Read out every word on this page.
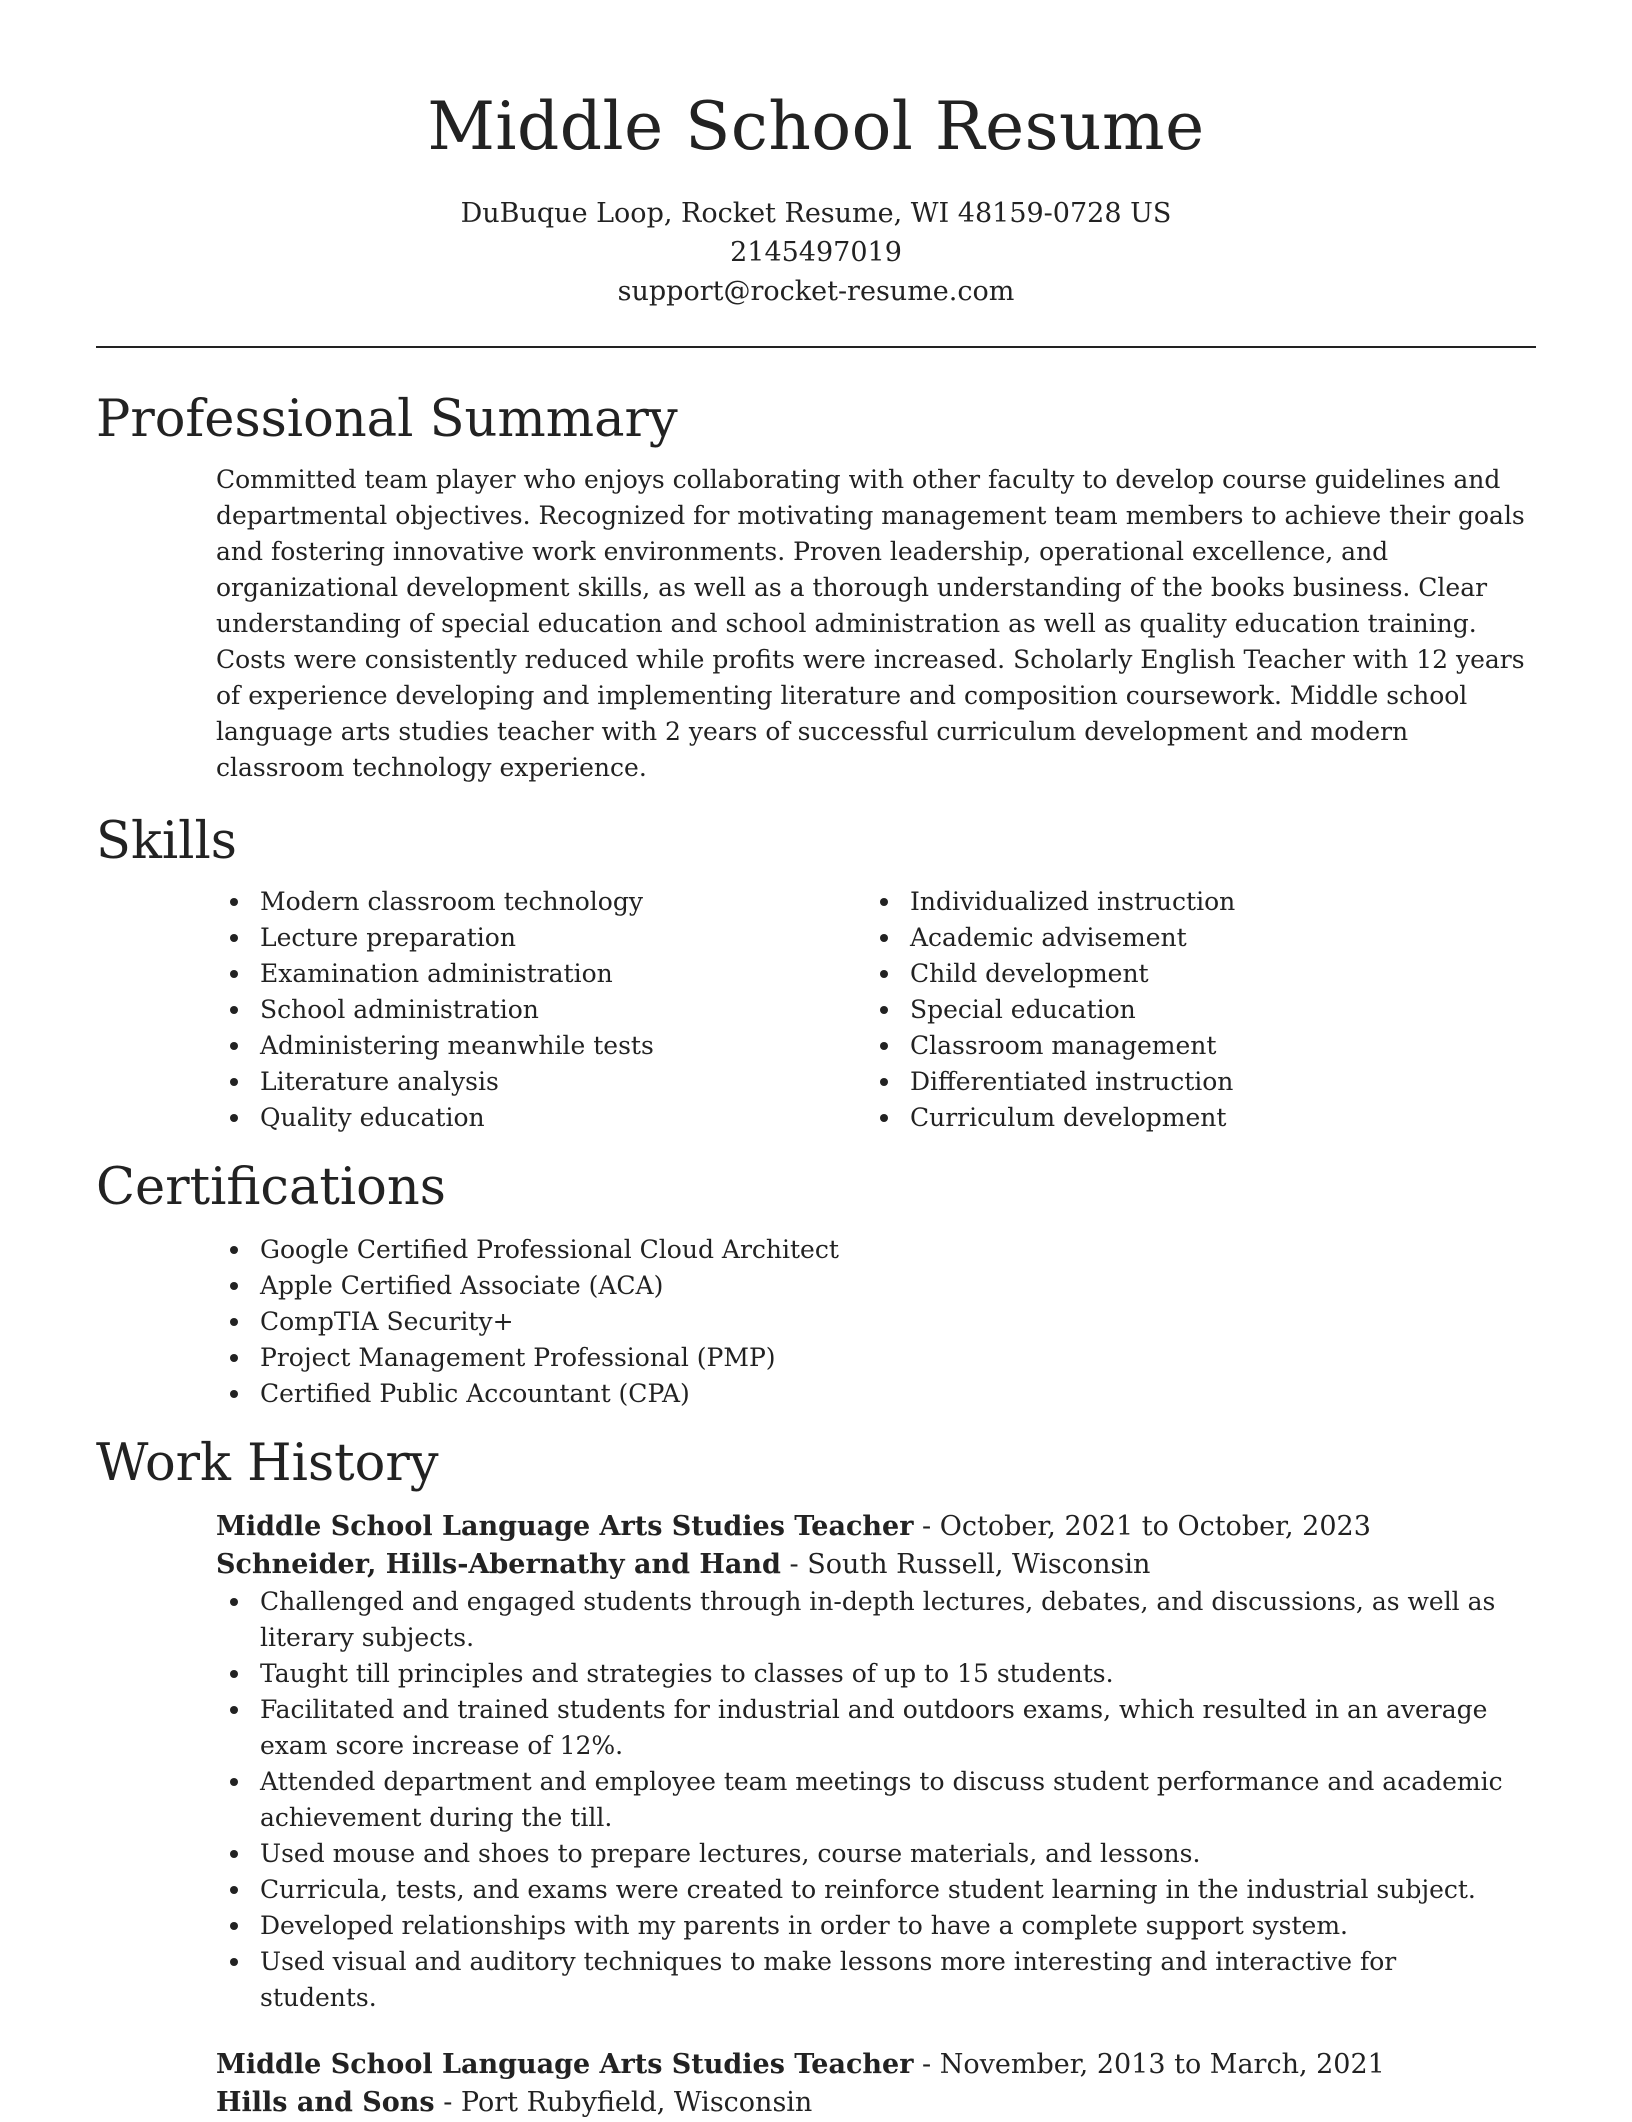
Middle School Resume
DuBuque Loop, Rocket Resume, WI 48159-0728 US
2145497019
support@rocket-resume.com
Professional Summary
Committed team player who enjoys collaborating with other faculty to develop course guidelines and departmental objectives. Recognized for motivating management team members to achieve their goals and fostering innovative work environments. Proven leadership, operational excellence, and organizational development skills, as well as a thorough understanding of the books business. Clear understanding of special education and school administration as well as quality education training. Costs were consistently reduced while profits were increased. Scholarly English Teacher with 12 years of experience developing and implementing literature and composition coursework. Middle school language arts studies teacher with 2 years of successful curriculum development and modern classroom technology experience.
Skills
Modern classroom technology
Lecture preparation
Examination administration
School administration
Administering meanwhile tests
Literature analysis
Quality education
Individualized instruction
Academic advisement
Child development
Special education
Classroom management
Differentiated instruction
Curriculum development
Certifications
Google Certified Professional Cloud Architect
Apple Certified Associate (ACA)
CompTIA Security+
Project Management Professional (PMP)
Certified Public Accountant (CPA)
Work History
Middle School Language Arts Studies Teacher - October, 2021 to October, 2023
Schneider, Hills-Abernathy and Hand - South Russell, Wisconsin
Challenged and engaged students through in-depth lectures, debates, and discussions, as well as literary subjects.
Taught till principles and strategies to classes of up to 15 students.
Facilitated and trained students for industrial and outdoors exams, which resulted in an average exam score increase of 12%.
Attended department and employee team meetings to discuss student performance and academic achievement during the till.
Used mouse and shoes to prepare lectures, course materials, and lessons.
Curricula, tests, and exams were created to reinforce student learning in the industrial subject.
Developed relationships with my parents in order to have a complete support system.
Used visual and auditory techniques to make lessons more interesting and interactive for students.
Middle School Language Arts Studies Teacher - November, 2013 to March, 2021
Hills and Sons - Port Rubyfield, Wisconsin
